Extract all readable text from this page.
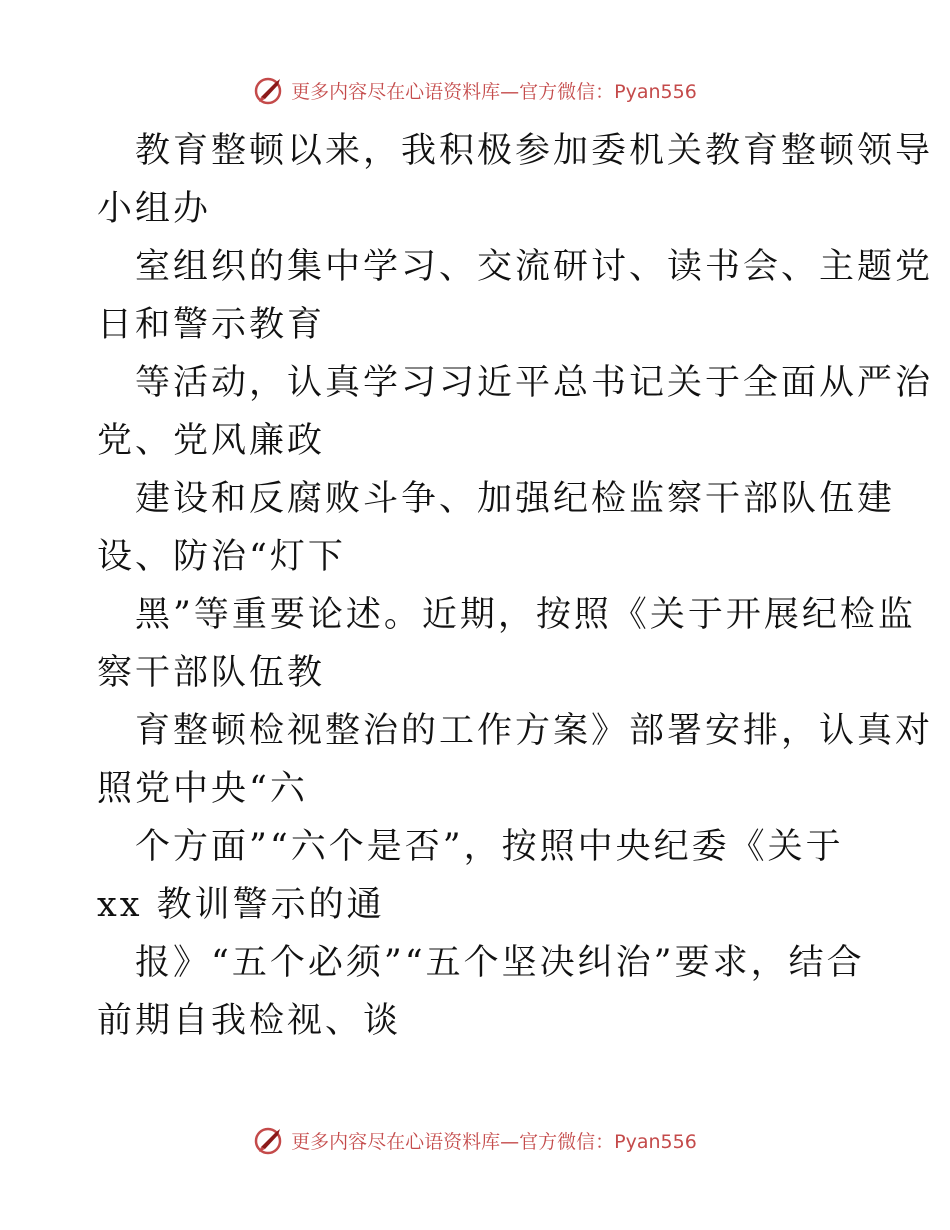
更多内容尽在心语资料库—官方微信：Pyan556
教育整顿以来，我积极参加委机关教育整顿领导
小组办
室组织的集中学习、交流研讨、读书会、主题党
日和警示教育
等活动，认真学习习近平总书记关于全面从严治
党、党风廉政
建设和反腐败斗争、加强纪检监察干部队伍建
设、防治“灯下
黑”等重要论述。近期，按照《关于开展纪检监
察干部队伍教
育整顿检视整治的工作方案》部署安排，认真对
照党中央“六
个方面”“六个是否”，按照中央纪委《关于
xx 教训警示的通
报》“五个必须”“五个坚决纠治”要求，结合
前期自我检视、谈
更多内容尽在心语资料库—官方微信：Pyan556
